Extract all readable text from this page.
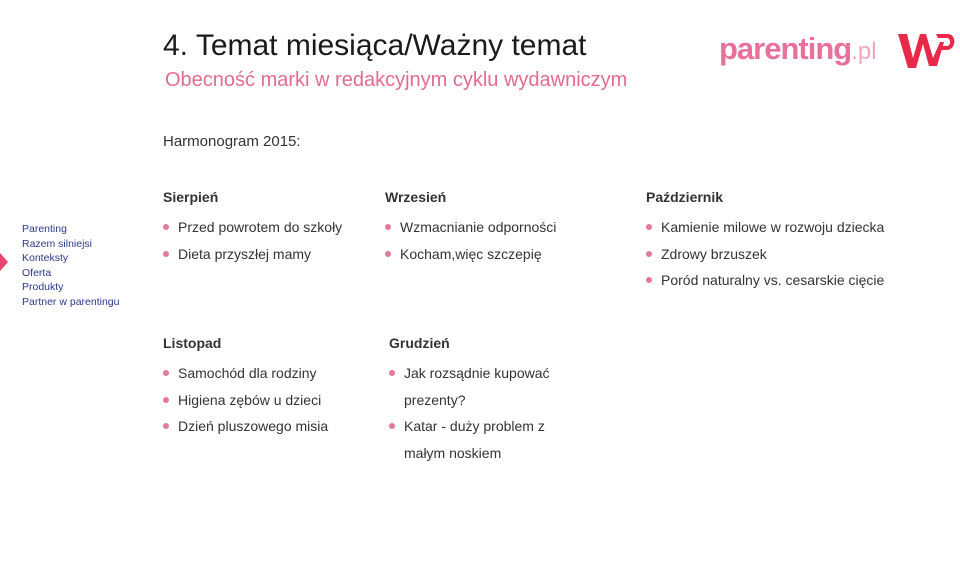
4. Temat miesiąca/Ważny temat
Obecność marki w redakcyjnym cyklu wydawniczym
parenting.pl
Harmonogram 2015:
Parenting
Razem silniejsi
Konteksty
Oferta
Produkty
Partner w parentingu
Sierpień
Przed powrotem do szkoły
Dieta przyszłej mamy
Wrzesień
Wzmacnianie odporności
Kocham,więc szczepię
Październik
Kamienie milowe w rozwoju dziecka
Zdrowy brzuszek
Poród naturalny vs. cesarskie cięcie
Listopad
Samochód dla rodziny
Higiena zębów u dzieci
Dzień pluszowego misia
Grudzień
Jak rozsądnie kupować prezenty?
Katar - duży problem z małym noskiem
